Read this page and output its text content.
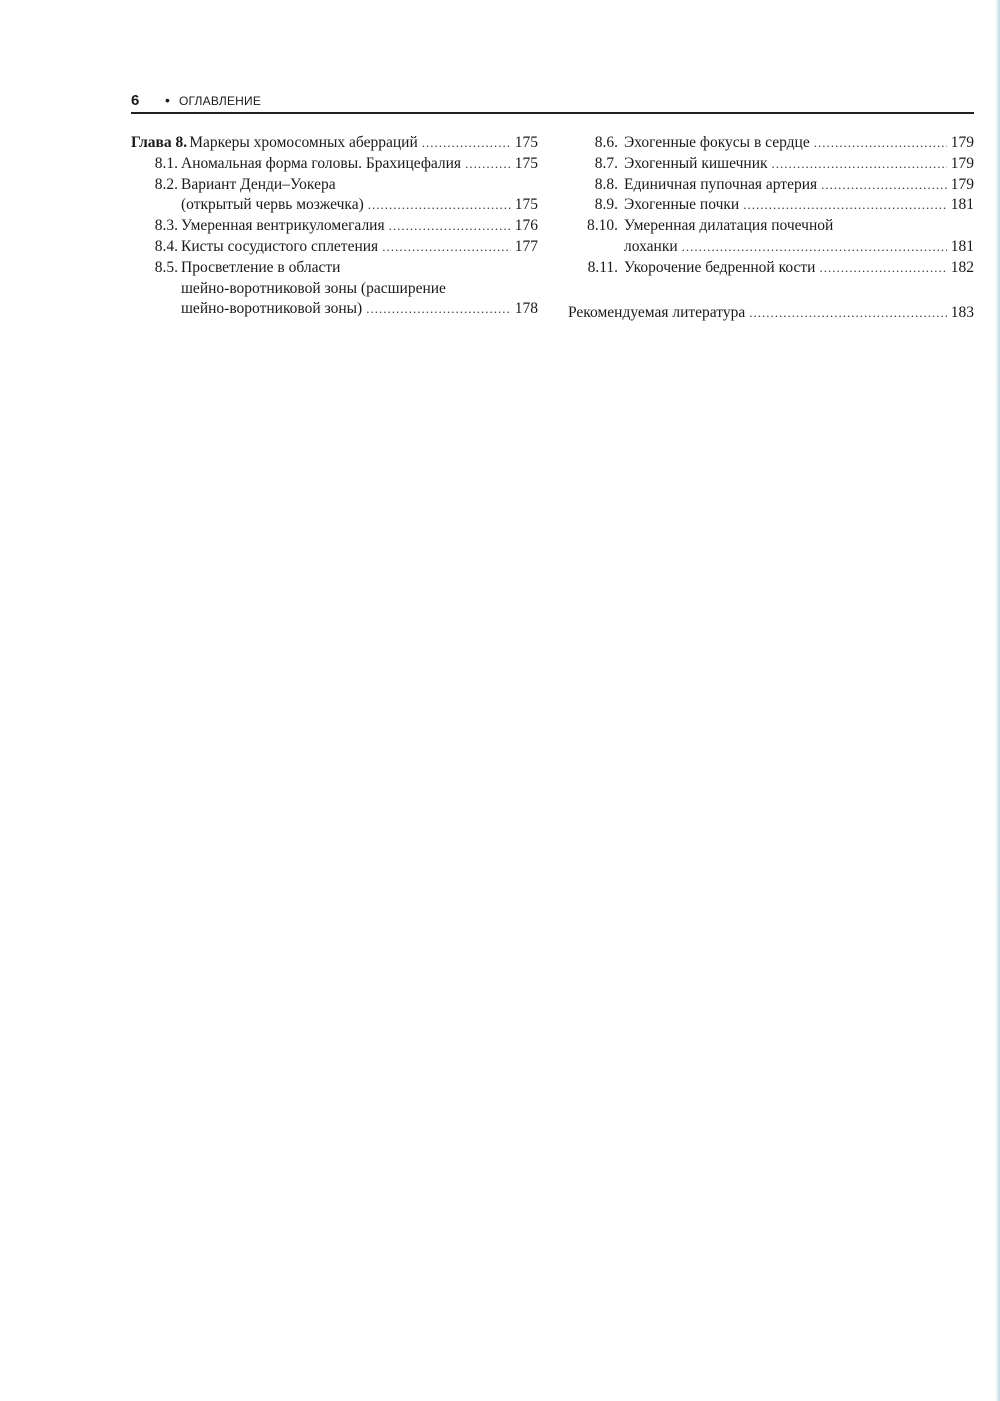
6 • ОГЛАВЛЕНИЕ
Глава 8. Маркеры хромосомных аберраций .....	175
8.1. Аномальная форма головы. Брахицефалия .....	175
8.2. Вариант Денди–Уокера
(открытый червь мозжечка) .....	175
8.3. Умеренная вентрикуломегалия .....	176
8.4. Кисты сосудистого сплетения .....	177
8.5. Просветление в области
шейно-воротниковой зоны (расширение
шейно-воротниковой зоны) .....	178
8.6. Эхогенные фокусы в сердце .....	179
8.7. Эхогенный кишечник .....	179
8.8. Единичная пупочная артерия .....	179
8.9. Эхогенные почки .....	181
8.10. Умеренная дилатация почечной
лоханки .....	181
8.11. Укорочение бедренной кости .....	182
Рекомендуемая литература .....	183
